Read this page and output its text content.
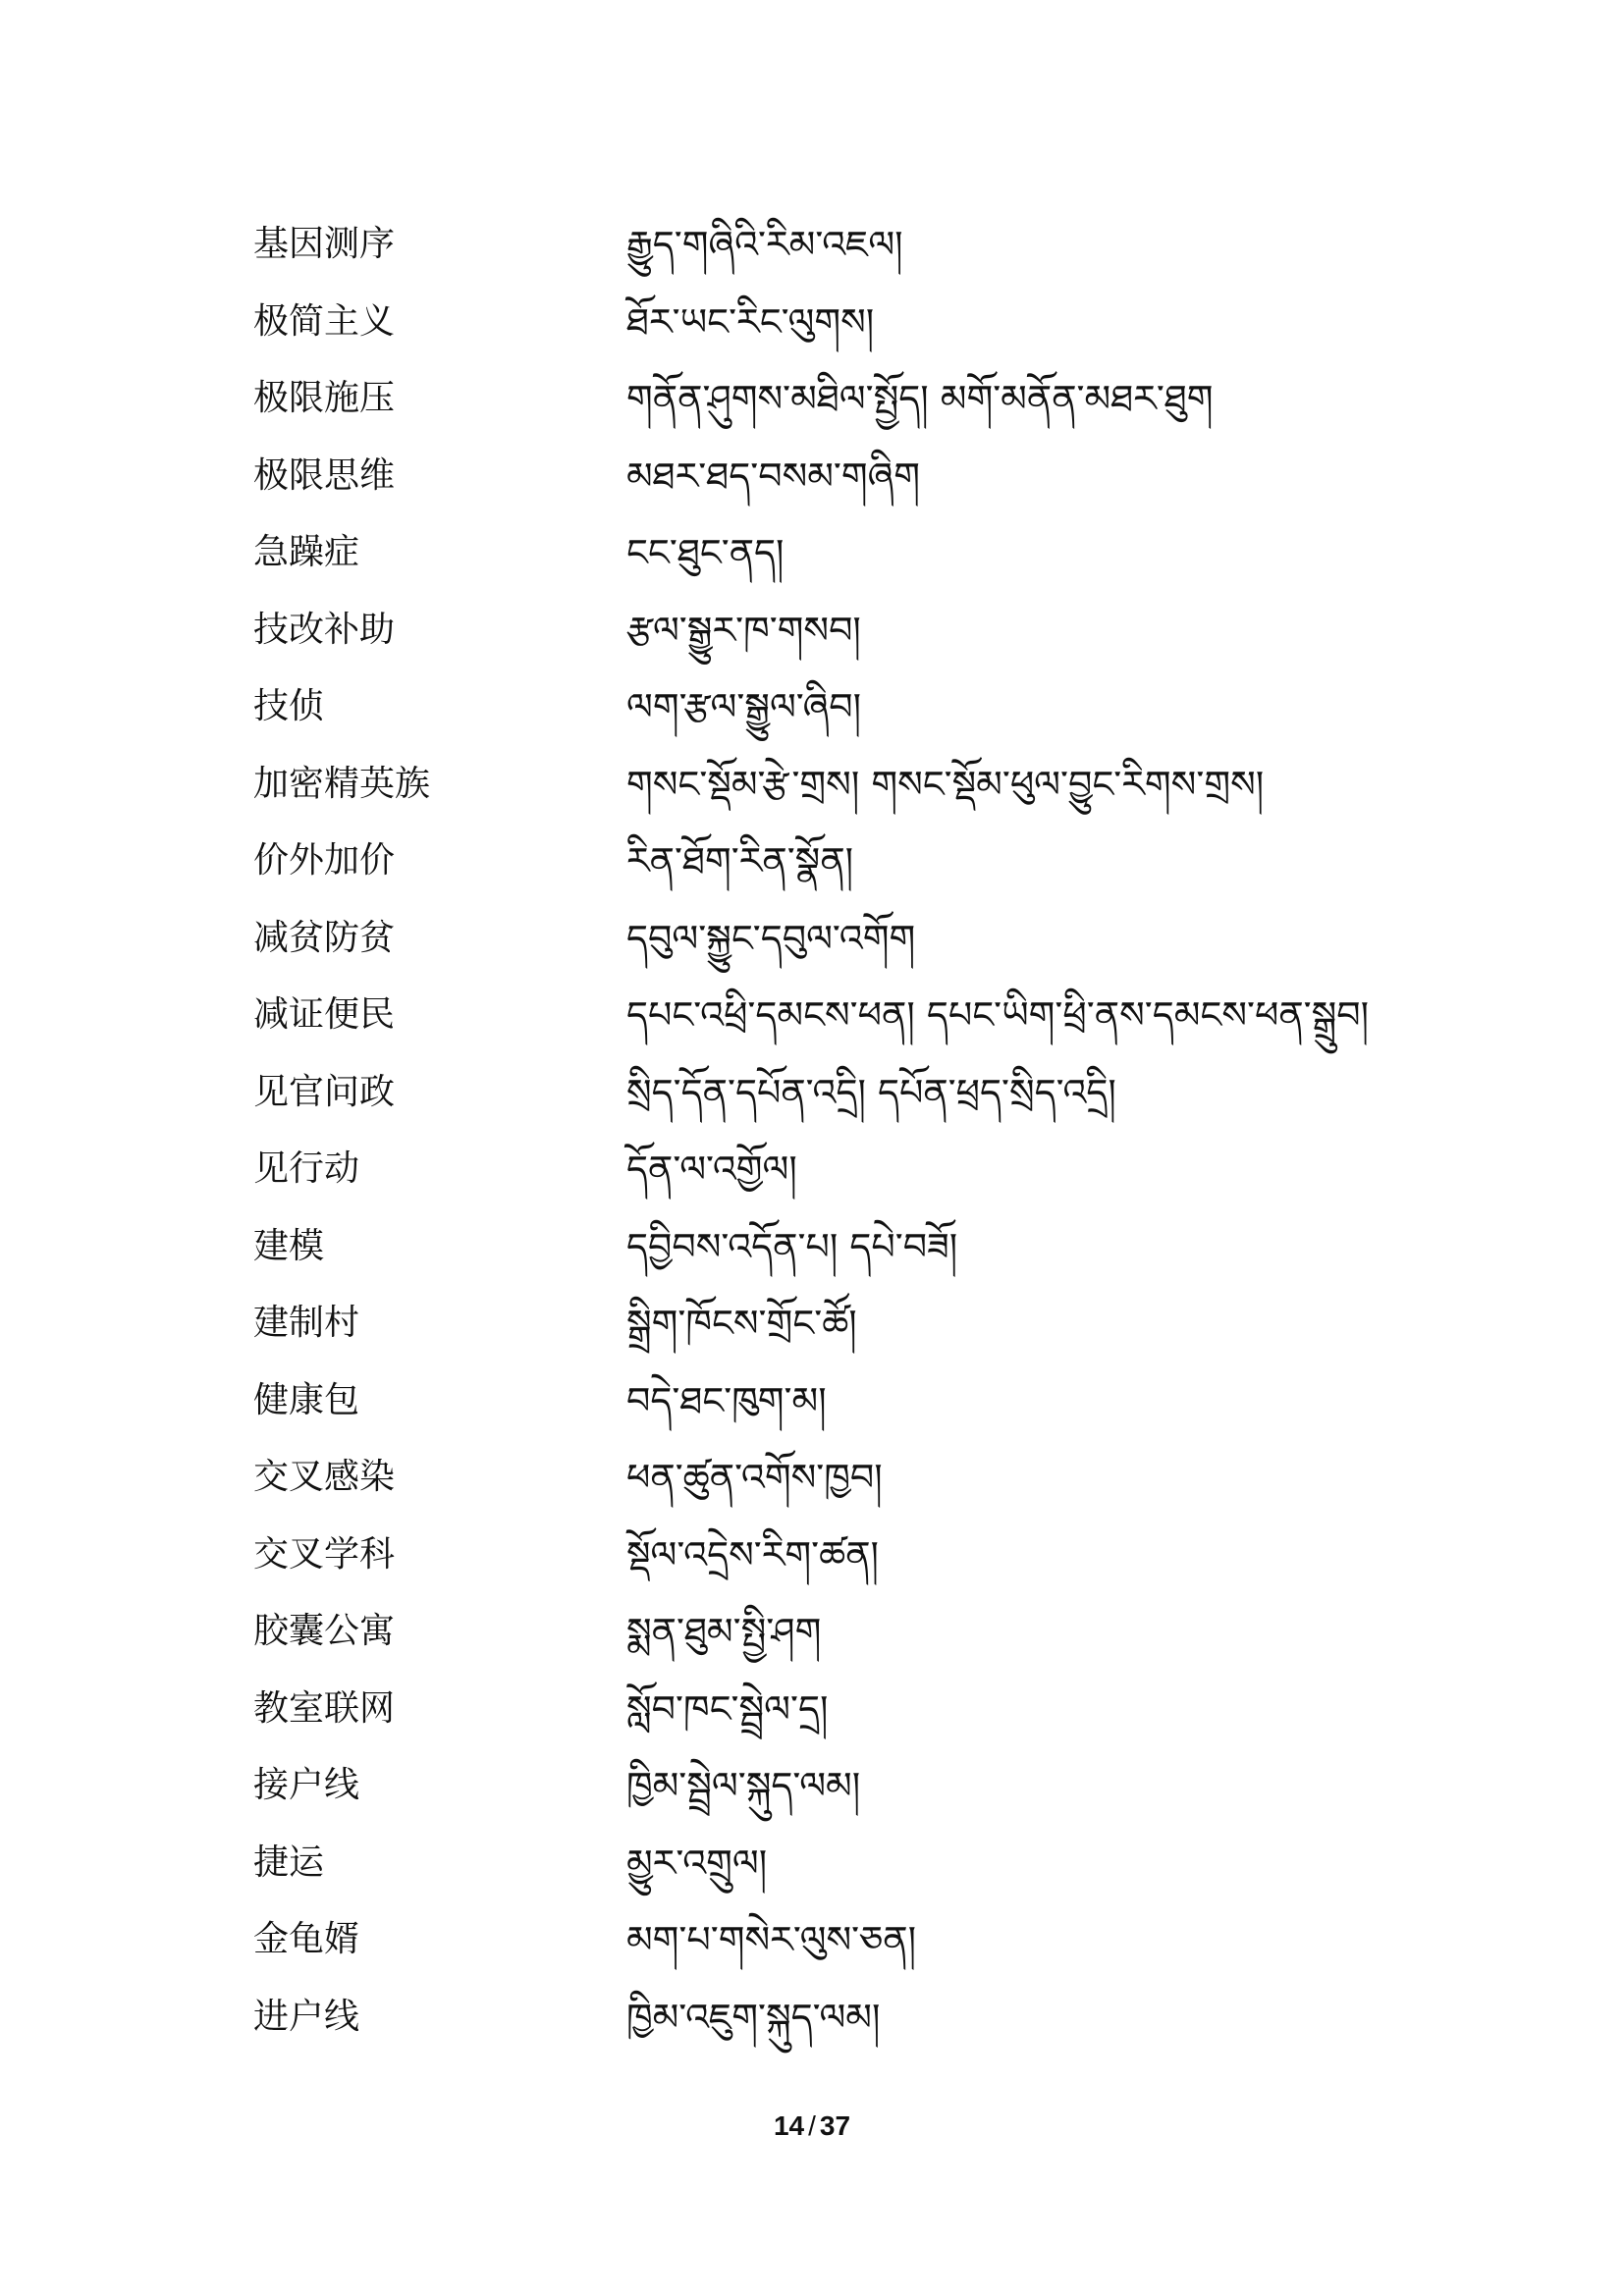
基因测序	རྒྱུད་གཞིའི་རིམ་འཇལ།
极简主义	ཐོར་ཡང་རིང་ལུགས།
极限施压	གནོན་ཤུགས་མཐིལ་སྤྱོད། མགོ་མནོན་མཐར་ཐུག
极限思维	མཐར་ཐད་བསམ་གཞིག
急躁症	ངང་ཐུང་ནད།
技改补助	རྩལ་སྒྱུར་ཁ་གསབ།
技侦	ལག་རྩལ་སྒྱུལ་ཞིབ།
加密精英族	གསང་སྡོམ་རྩེ་གྲས། གསང་སྡོམ་ཕུལ་བྱུང་རིགས་གྲས།
价外加价	རིན་ཐོག་རིན་སྣོན།
减贫防贫	དབུལ་སྐྱུང་དབུལ་འགོག
减证便民	དཔང་འཕྲི་དམངས་ཕན། དཔང་ཡིག་ཕྲི་ནས་དམངས་ཕན་སྒྲུབ།
见官问政	སྲིད་དོན་དཔོན་འདྲི། དཔོན་ཕྲད་སྲིད་འདྲི།
见行动	དོན་ལ་འགྱོལ།
建模	དབྱིབས་འདོན་པ། དཔེ་བཟོ།
建制村	སྒྲིག་ཁོངས་གྲོང་ཚོ།
健康包	བདེ་ཐང་ཁུག་མ།
交叉感染	ཕན་ཚུན་འགོས་ཁྱབ།
交叉学科	སྡོལ་འདྲེས་རིག་ཚན།
胶囊公寓	སྨན་ཐུམ་སྤྱི་ཤག
教室联网	སློབ་ཁང་སྦྲེལ་དྲ།
接户线	ཁྱིམ་སྦྲེལ་སྐུད་ལམ།
捷运	མྱུར་འགྲུལ།
金龟婿	མག་པ་གསེར་ལུས་ཅན།
进户线	ཁྱིམ་འཇུག་སྐུད་ལམ།
14 / 37
